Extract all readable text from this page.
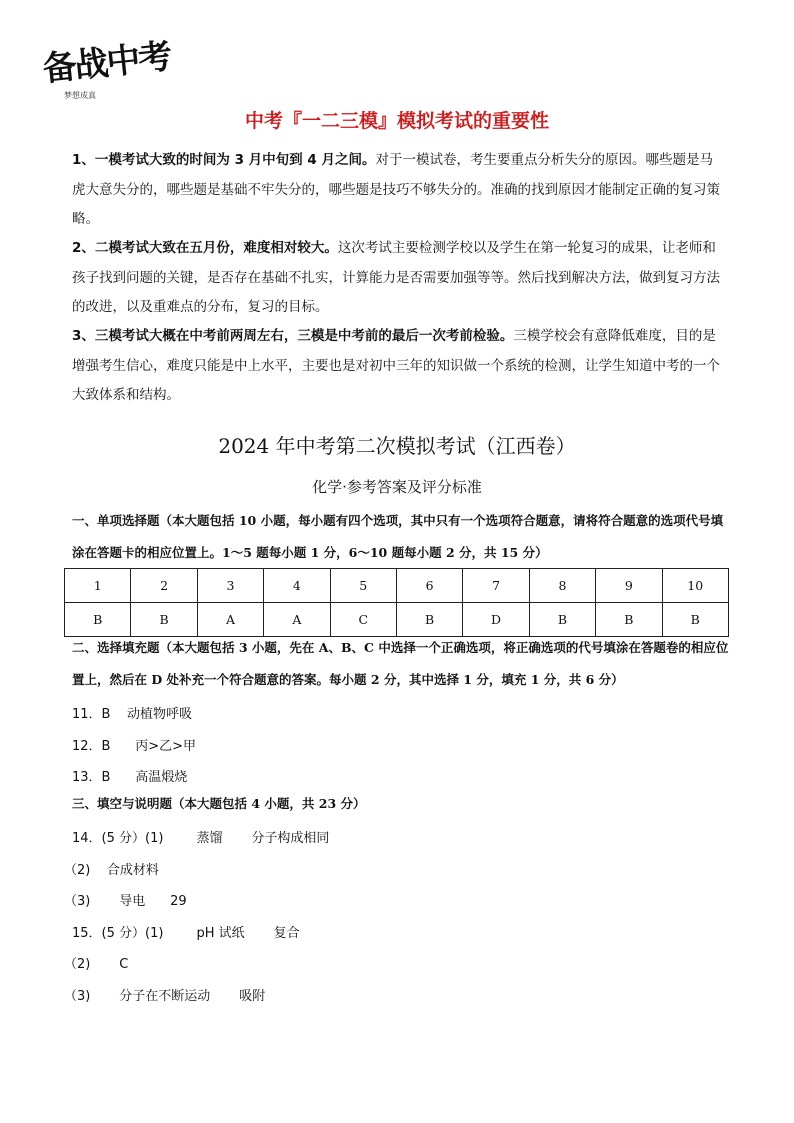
备战中考
梦想成真
中考『一二三模』模拟考试的重要性
1、一模考试大致的时间为 3 月中旬到 4 月之间。对于一模试卷，考生要重点分析失分的原因。哪些题是马虎大意失分的，哪些题是基础不牢失分的，哪些题是技巧不够失分的。准确的找到原因才能制定正确的复习策略。
2、二模考试大致在五月份，难度相对较大。这次考试主要检测学校以及学生在第一轮复习的成果，让老师和孩子找到问题的关键，是否存在基础不扎实，计算能力是否需要加强等等。然后找到解决方法，做到复习方法的改进，以及重难点的分布，复习的目标。
3、三模考试大概在中考前两周左右，三模是中考前的最后一次考前检验。三模学校会有意降低难度，目的是增强考生信心，难度只能是中上水平，主要也是对初中三年的知识做一个系统的检测，让学生知道中考的一个大致体系和结构。
2024 年中考第二次模拟考试（江西卷）
化学·参考答案及评分标准
一、单项选择题（本大题包括 10 小题，每小题有四个选项，其中只有一个选项符合题意，请将符合题意的选项代号填涂在答题卡的相应位置上。1～5 题每小题 1 分，6～10 题每小题 2 分，共 15 分）
1	2	3	4	5	6	7	8	9	10
B	B	A	A	C	B	D	B	B	B
二、选择填充题（本大题包括 3 小题，先在 A、B、C 中选择一个正确选项，将正确选项的代号填涂在答题卷的相应位置上，然后在 D 处补充一个符合题意的答案。每小题 2 分，其中选择 1 分，填充 1 分，共 6 分）
11．B    动植物呼吸
12．B      丙>乙>甲
13．B      高温煅烧
三、填空与说明题（本大题包括 4 小题，共 23 分）
14．(5 分）(1)        蒸馏       分子构成相同
（2)    合成材料
（3)       导电      29
15．(5 分）(1)        pH 试纸       复合
（2)       C
（3)       分子在不断运动       吸附
